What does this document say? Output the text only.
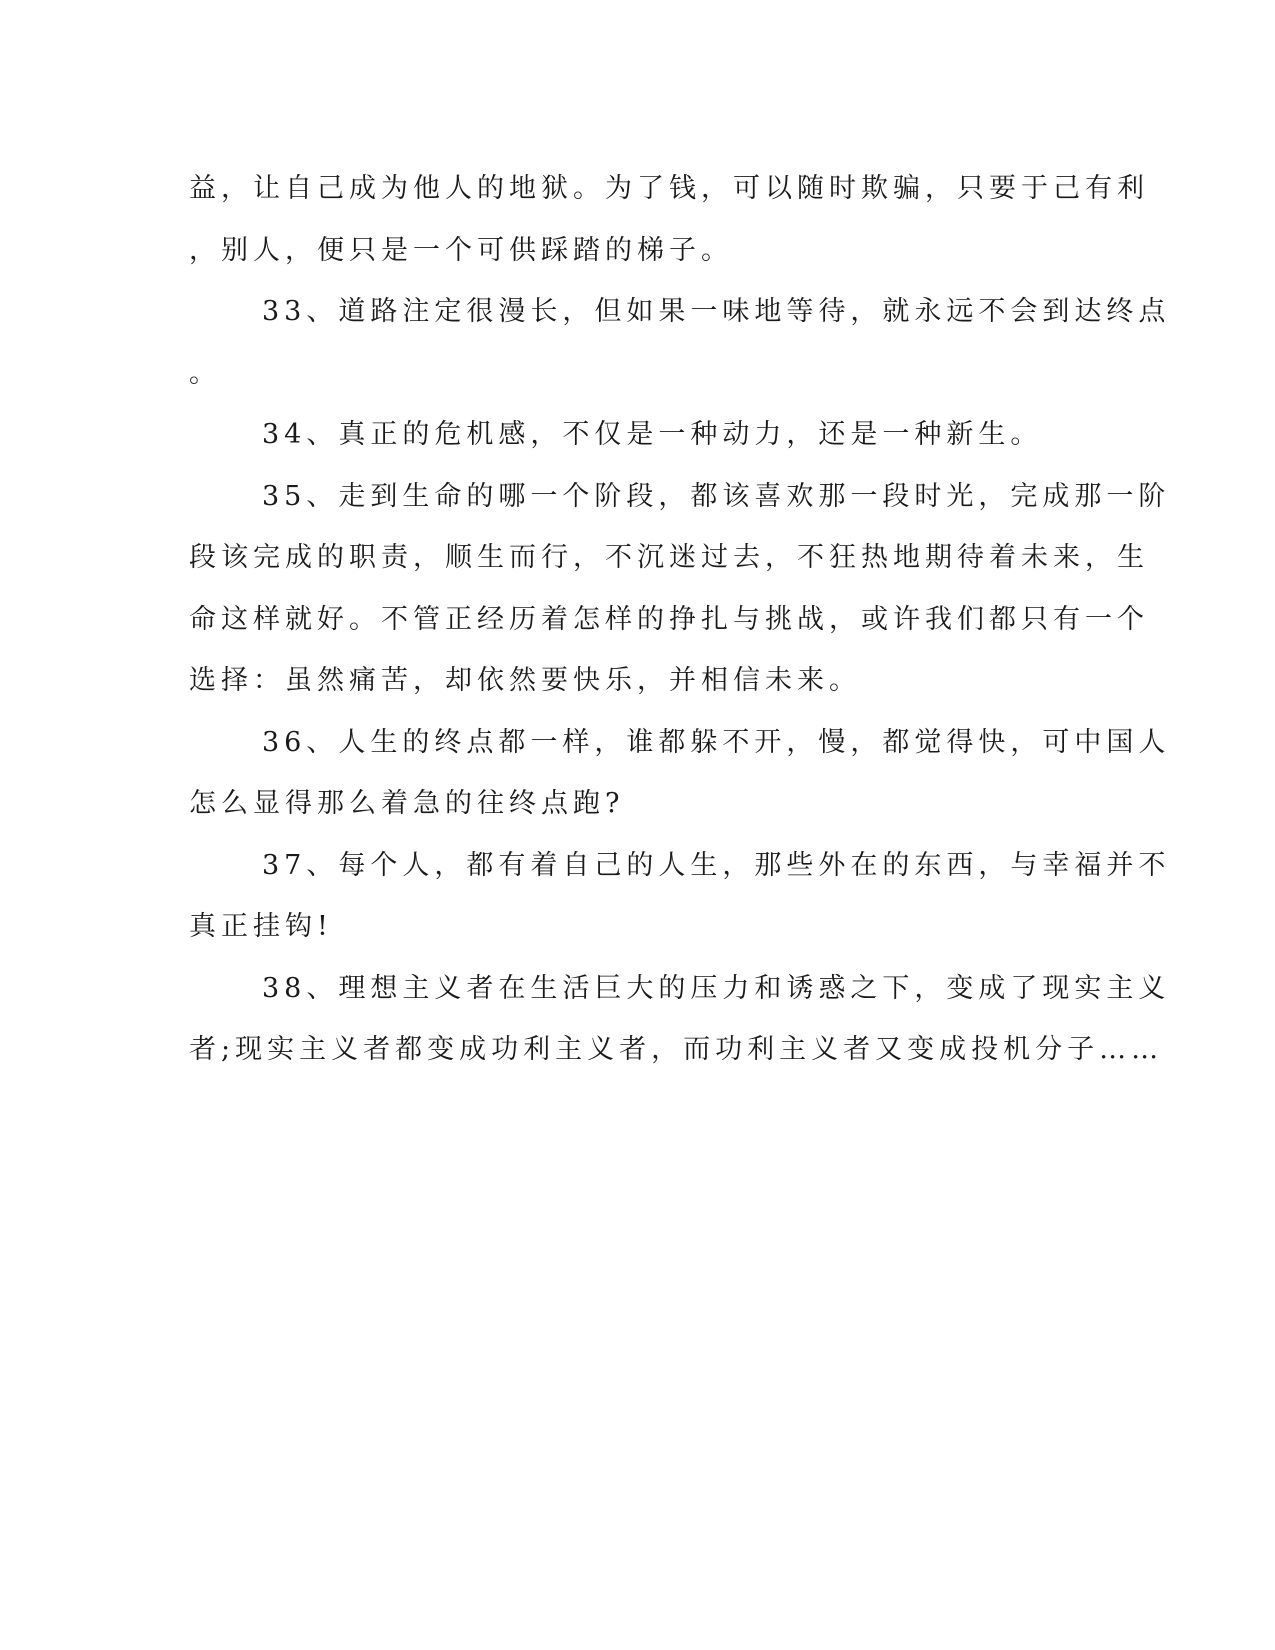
益，让自己成为他人的地狱。为了钱，可以随时欺骗，只要于己有利
，别人，便只是一个可供踩踏的梯子。
33、道路注定很漫长，但如果一味地等待，就永远不会到达终点
。
34、真正的危机感，不仅是一种动力，还是一种新生。
35、走到生命的哪一个阶段，都该喜欢那一段时光，完成那一阶
段该完成的职责，顺生而行，不沉迷过去，不狂热地期待着未来，生
命这样就好。不管正经历着怎样的挣扎与挑战，或许我们都只有一个
选择：虽然痛苦，却依然要快乐，并相信未来。
36、人生的终点都一样，谁都躲不开，慢，都觉得快，可中国人
怎么显得那么着急的往终点跑?
37、每个人，都有着自己的人生，那些外在的东西，与幸福并不
真正挂钩!
38、理想主义者在生活巨大的压力和诱惑之下，变成了现实主义
者;现实主义者都变成功利主义者，而功利主义者又变成投机分子……
